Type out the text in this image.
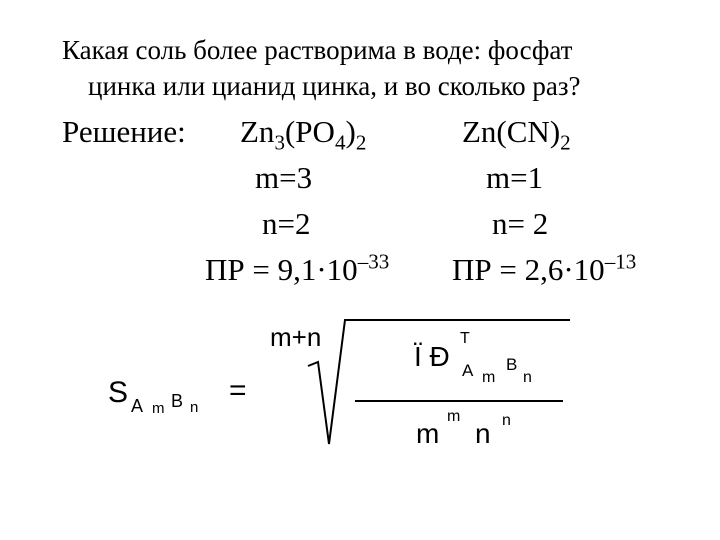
Какая соль более растворима в воде: фосфат
цинка или цианид цинка, и во сколько раз?
Решение: $Zn_3(PO_4)_2$
m=3
n=2
ПР = $9,1\cdot 10^{-33}$
$Zn(CN)_2$
m=1
n= 2
ПР = $2,6\cdot 10^{-13}$
S A m B n
=
m+n
Ï Ð
T
A m
B
n
m
m
n n
